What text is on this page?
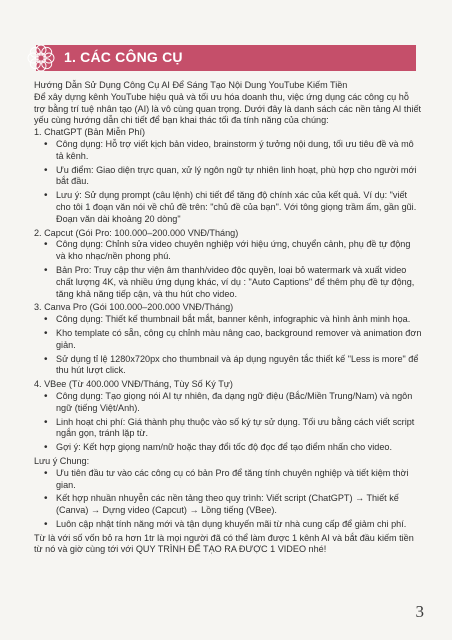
1. CÁC CÔNG CỤ

Hướng Dẫn Sử Dụng Công Cụ AI Để Sáng Tạo Nội Dung YouTube Kiếm Tiền

Để xây dựng kênh YouTube hiệu quả và tối ưu hóa doanh thu, việc ứng dụng các công cụ hỗ trợ bằng trí tuệ nhân tạo (AI) là vô cùng quan trọng. Dưới đây là danh sách các nền tảng AI thiết yếu cùng hướng dẫn chi tiết để bạn khai thác tối đa tính năng của chúng:

1. ChatGPT (Bản Miễn Phí)

• Công dụng: Hỗ trợ viết kịch bản video, brainstorm ý tưởng nội dung, tối ưu tiêu đề và mô tả kênh.
• Ưu điểm: Giao diện trực quan, xử lý ngôn ngữ tự nhiên linh hoạt, phù hợp cho người mới bắt đầu.
• Lưu ý: Sử dụng prompt (câu lệnh) chi tiết để tăng độ chính xác của kết quả. Ví dụ: "viết cho tôi 1 đoạn văn nói về chủ đề trên: "chủ đề của bạn". Với tông giọng trầm ấm, gần gũi. Đoạn văn dài khoảng 20 dòng"

2. Capcut (Gói Pro: 100.000–200.000 VNĐ/Tháng)

• Công dụng: Chỉnh sửa video chuyên nghiệp với hiệu ứng, chuyển cảnh, phụ đề tự động và kho nhạc/nền phong phú.
• Bản Pro: Truy cập thư viện âm thanh/video độc quyền, loại bỏ watermark và xuất video chất lượng 4K, và nhiều ứng dụng khác, ví dụ : "Auto Captions" để thêm phụ đề tự động, tăng khả năng tiếp cận, và thu hút cho video.

3. Canva Pro (Gói 100.000–200.000 VNĐ/Tháng)

• Công dụng: Thiết kế thumbnail bắt mắt, banner kênh, infographic và hình ảnh minh họa.
• Kho template có sẵn, công cụ chỉnh màu nâng cao, background remover và animation đơn giản.
• Sử dụng tỉ lệ 1280x720px cho thumbnail và áp dụng nguyên tắc thiết kế "Less is more" để thu hút lượt click.

4. VBee (Từ 400.000 VNĐ/Tháng, Tùy Số Ký Tự)

• Công dụng: Tạo giọng nói AI tự nhiên, đa dạng ngữ điệu (Bắc/Miền Trung/Nam) và ngôn ngữ (tiếng Việt/Anh).
• Linh hoạt chi phí: Giá thành phụ thuộc vào số ký tự sử dụng. Tối ưu bằng cách viết script ngắn gọn, tránh lặp từ.
• Gợi ý: Kết hợp giọng nam/nữ hoặc thay đổi tốc độ đọc để tạo điểm nhấn cho video.

Lưu ý Chung:

• Ưu tiên đầu tư vào các công cụ có bản Pro để tăng tính chuyên nghiệp và tiết kiệm thời gian.
• Kết hợp nhuần nhuyễn các nền tảng theo quy trình: Viết script (ChatGPT) → Thiết kế (Canva) → Dựng video (Capcut) → Lồng tiếng (VBee).
• Luôn cập nhật tính năng mới và tận dụng khuyến mãi từ nhà cung cấp để giảm chi phí.

Từ là với số vốn bỏ ra hơn 1tr là mọi người đã có thể làm được 1 kênh AI và bắt đầu kiếm tiền từ nó và giờ cùng tới với QUY TRÌNH ĐỂ TẠO RA ĐƯỢC 1 VIDEO nhé!

3
